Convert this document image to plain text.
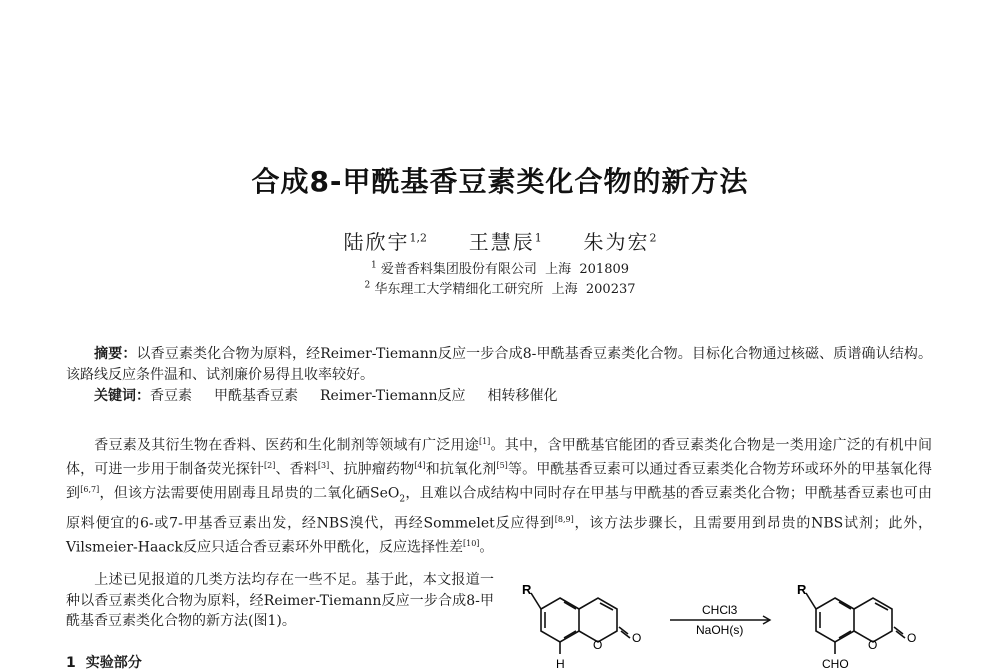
合成8-甲酰基香豆素类化合物的新方法
陆欣宇$^{1,2}$ 王慧辰$^1$ 朱为宏$^2$
$^1$ 爱普香料集团股份有限公司  上海  201809
$^2$ 华东理工大学精细化工研究所  上海  200237
摘要：以香豆素类化合物为原料，经Reimer-Tiemann反应一步合成8-甲酰基香豆素类化合物。目标化合物通过核磁、质谱确认结构。该路线反应条件温和、试剂廉价易得且收率较好。
关键词：香豆素 甲酰基香豆素 Reimer-Tiemann反应 相转移催化
香豆素及其衍生物在香料、医药和生化制剂等领域有广泛用途[1]。其中，含甲酰基官能团的香豆素类化合物是一类用途广泛的有机中间体，可进一步用于制备荧光探针[2]、香料[3]、抗肿瘤药物[4]和抗氧化剂[5]等。甲酰基香豆素可以通过香豆素类化合物芳环或环外的甲基氧化得到[6,7]，但该方法需要使用剧毒且昂贵的二氧化硒SeO$_2$，且难以合成结构中同时存在甲基与甲酰基的香豆素类化合物；甲酰基香豆素也可由原料便宜的6-或7-甲基香豆素出发，经NBS溴代，再经Sommelet反应得到[8,9]，该方法步骤长，且需要用到昂贵的NBS试剂；此外，Vilsmeier-Haack反应只适合香豆素环外甲酰化，反应选择性差[10]。
上述已见报道的几类方法均存在一些不足。基于此，本文报道一种以香豆素类化合物为原料，经Reimer-Tiemann反应一步合成8-甲酰基香豆素类化合物的新方法(图1)。
1 实验部分
R
H
O O
CHCl3
NaOH(s)
R
CHO
O O
